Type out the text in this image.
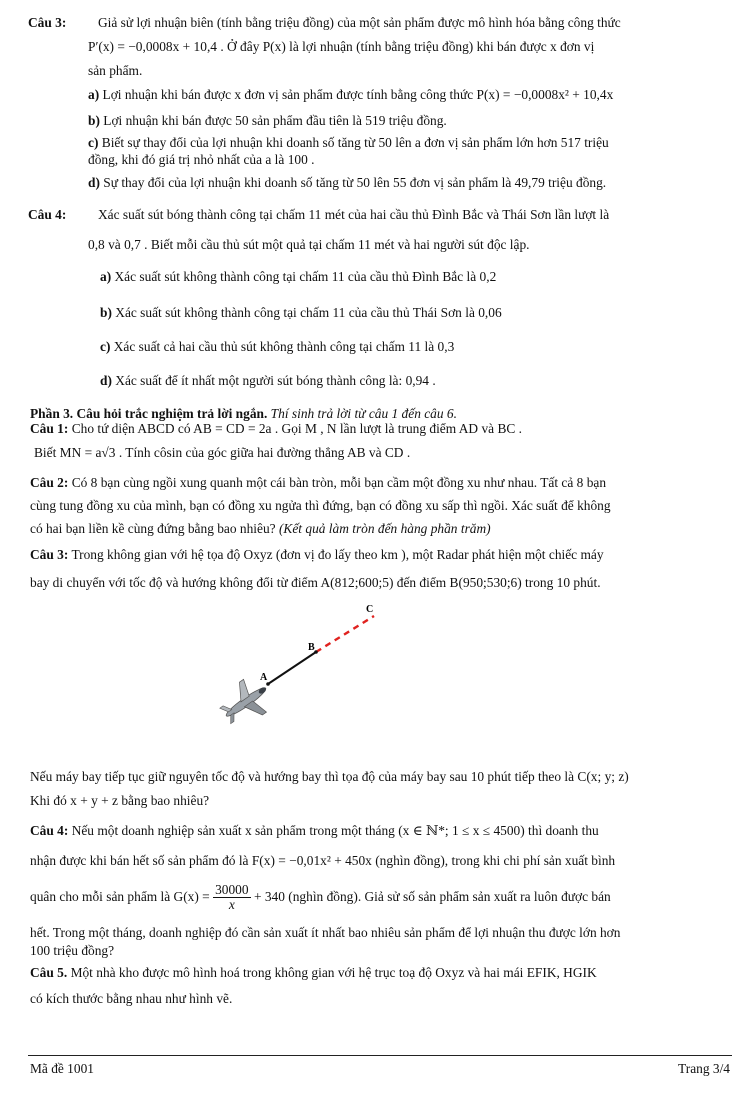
Câu 3: Giả sử lợi nhuận biên (tính bằng triệu đồng) của một sản phẩm được mô hình hóa bằng công thức
P′(x) = −0,0008x + 10,4 . Ở đây P(x) là lợi nhuận (tính bằng triệu đồng) khi bán được x đơn vị
sản phẩm.
a) Lợi nhuận khi bán được x đơn vị sản phẩm được tính bằng công thức P(x) = −0,0008x² + 10,4x
b) Lợi nhuận khi bán được 50 sản phẩm đầu tiên là 519 triệu đồng.
c) Biết sự thay đổi của lợi nhuận khi doanh số tăng từ 50 lên a đơn vị sản phẩm lớn hơn 517 triệu
đồng, khi đó giá trị nhỏ nhất của a là 100 .
d) Sự thay đổi của lợi nhuận khi doanh số tăng từ 50 lên 55 đơn vị sản phẩm là 49,79 triệu đồng.
Câu 4: Xác suất sút bóng thành công tại chấm 11 mét của hai cầu thủ Đình Bắc và Thái Sơn lần lượt là
0,8 và 0,7 . Biết mỗi cầu thủ sút một quả tại chấm 11 mét và hai người sút độc lập.
a) Xác suất sút không thành công tại chấm 11 của cầu thủ Đình Bắc là 0,2
b) Xác suất sút không thành công tại chấm 11 của cầu thủ Thái Sơn là 0,06
c) Xác suất cả hai cầu thủ sút không thành công tại chấm 11 là 0,3
d) Xác suất để ít nhất một người sút bóng thành công là: 0,94 .
Phần 3. Câu hỏi trắc nghiệm trả lời ngắn. Thí sinh trả lời từ câu 1 đến câu 6.
Câu 1: Cho tứ diện ABCD có AB = CD = 2a . Gọi M , N lần lượt là trung điểm AD và BC .
Biết MN = a√3 . Tính côsin của góc giữa hai đường thẳng AB và CD .
Câu 2: Có 8 bạn cùng ngồi xung quanh một cái bàn tròn, mỗi bạn cầm một đồng xu như nhau. Tất cả 8 bạn
cùng tung đồng xu của mình, bạn có đồng xu ngửa thì đứng, bạn có đồng xu sấp thì ngồi. Xác suất để không
có hai bạn liền kề cùng đứng bằng bao nhiêu? (Kết quả làm tròn đến hàng phần trăm)
Câu 3: Trong không gian với hệ tọa độ Oxyz (đơn vị đo lấy theo km ), một Radar phát hiện một chiếc máy
bay di chuyển với tốc độ và hướng không đổi từ điểm A(812;600;5) đến điểm B(950;530;6) trong 10 phút.
A
B
C
Nếu máy bay tiếp tục giữ nguyên tốc độ và hướng bay thì tọa độ của máy bay sau 10 phút tiếp theo là C(x; y; z)
Khi đó x + y + z bằng bao nhiêu?
Câu 4: Nếu một doanh nghiệp sản xuất x sản phẩm trong một tháng (x ∈ ℕ*; 1 ≤ x ≤ 4500) thì doanh thu
nhận được khi bán hết số sản phẩm đó là F(x) = −0,01x² + 450x (nghìn đồng), trong khi chi phí sản xuất bình
quân cho mỗi sản phẩm là $G(x) = \frac{30000}{x} + 340$ (nghìn đồng). Giả sử số sản phẩm sản xuất ra luôn được bán
hết. Trong một tháng, doanh nghiệp đó cần sản xuất ít nhất bao nhiêu sản phẩm để lợi nhuận thu được lớn hơn
100 triệu đồng?
Câu 5. Một nhà kho được mô hình hoá trong không gian với hệ trục toạ độ Oxyz và hai mái EFIK, HGIK
có kích thước bằng nhau như hình vẽ.
Mã đề 1001	Trang 3/4
